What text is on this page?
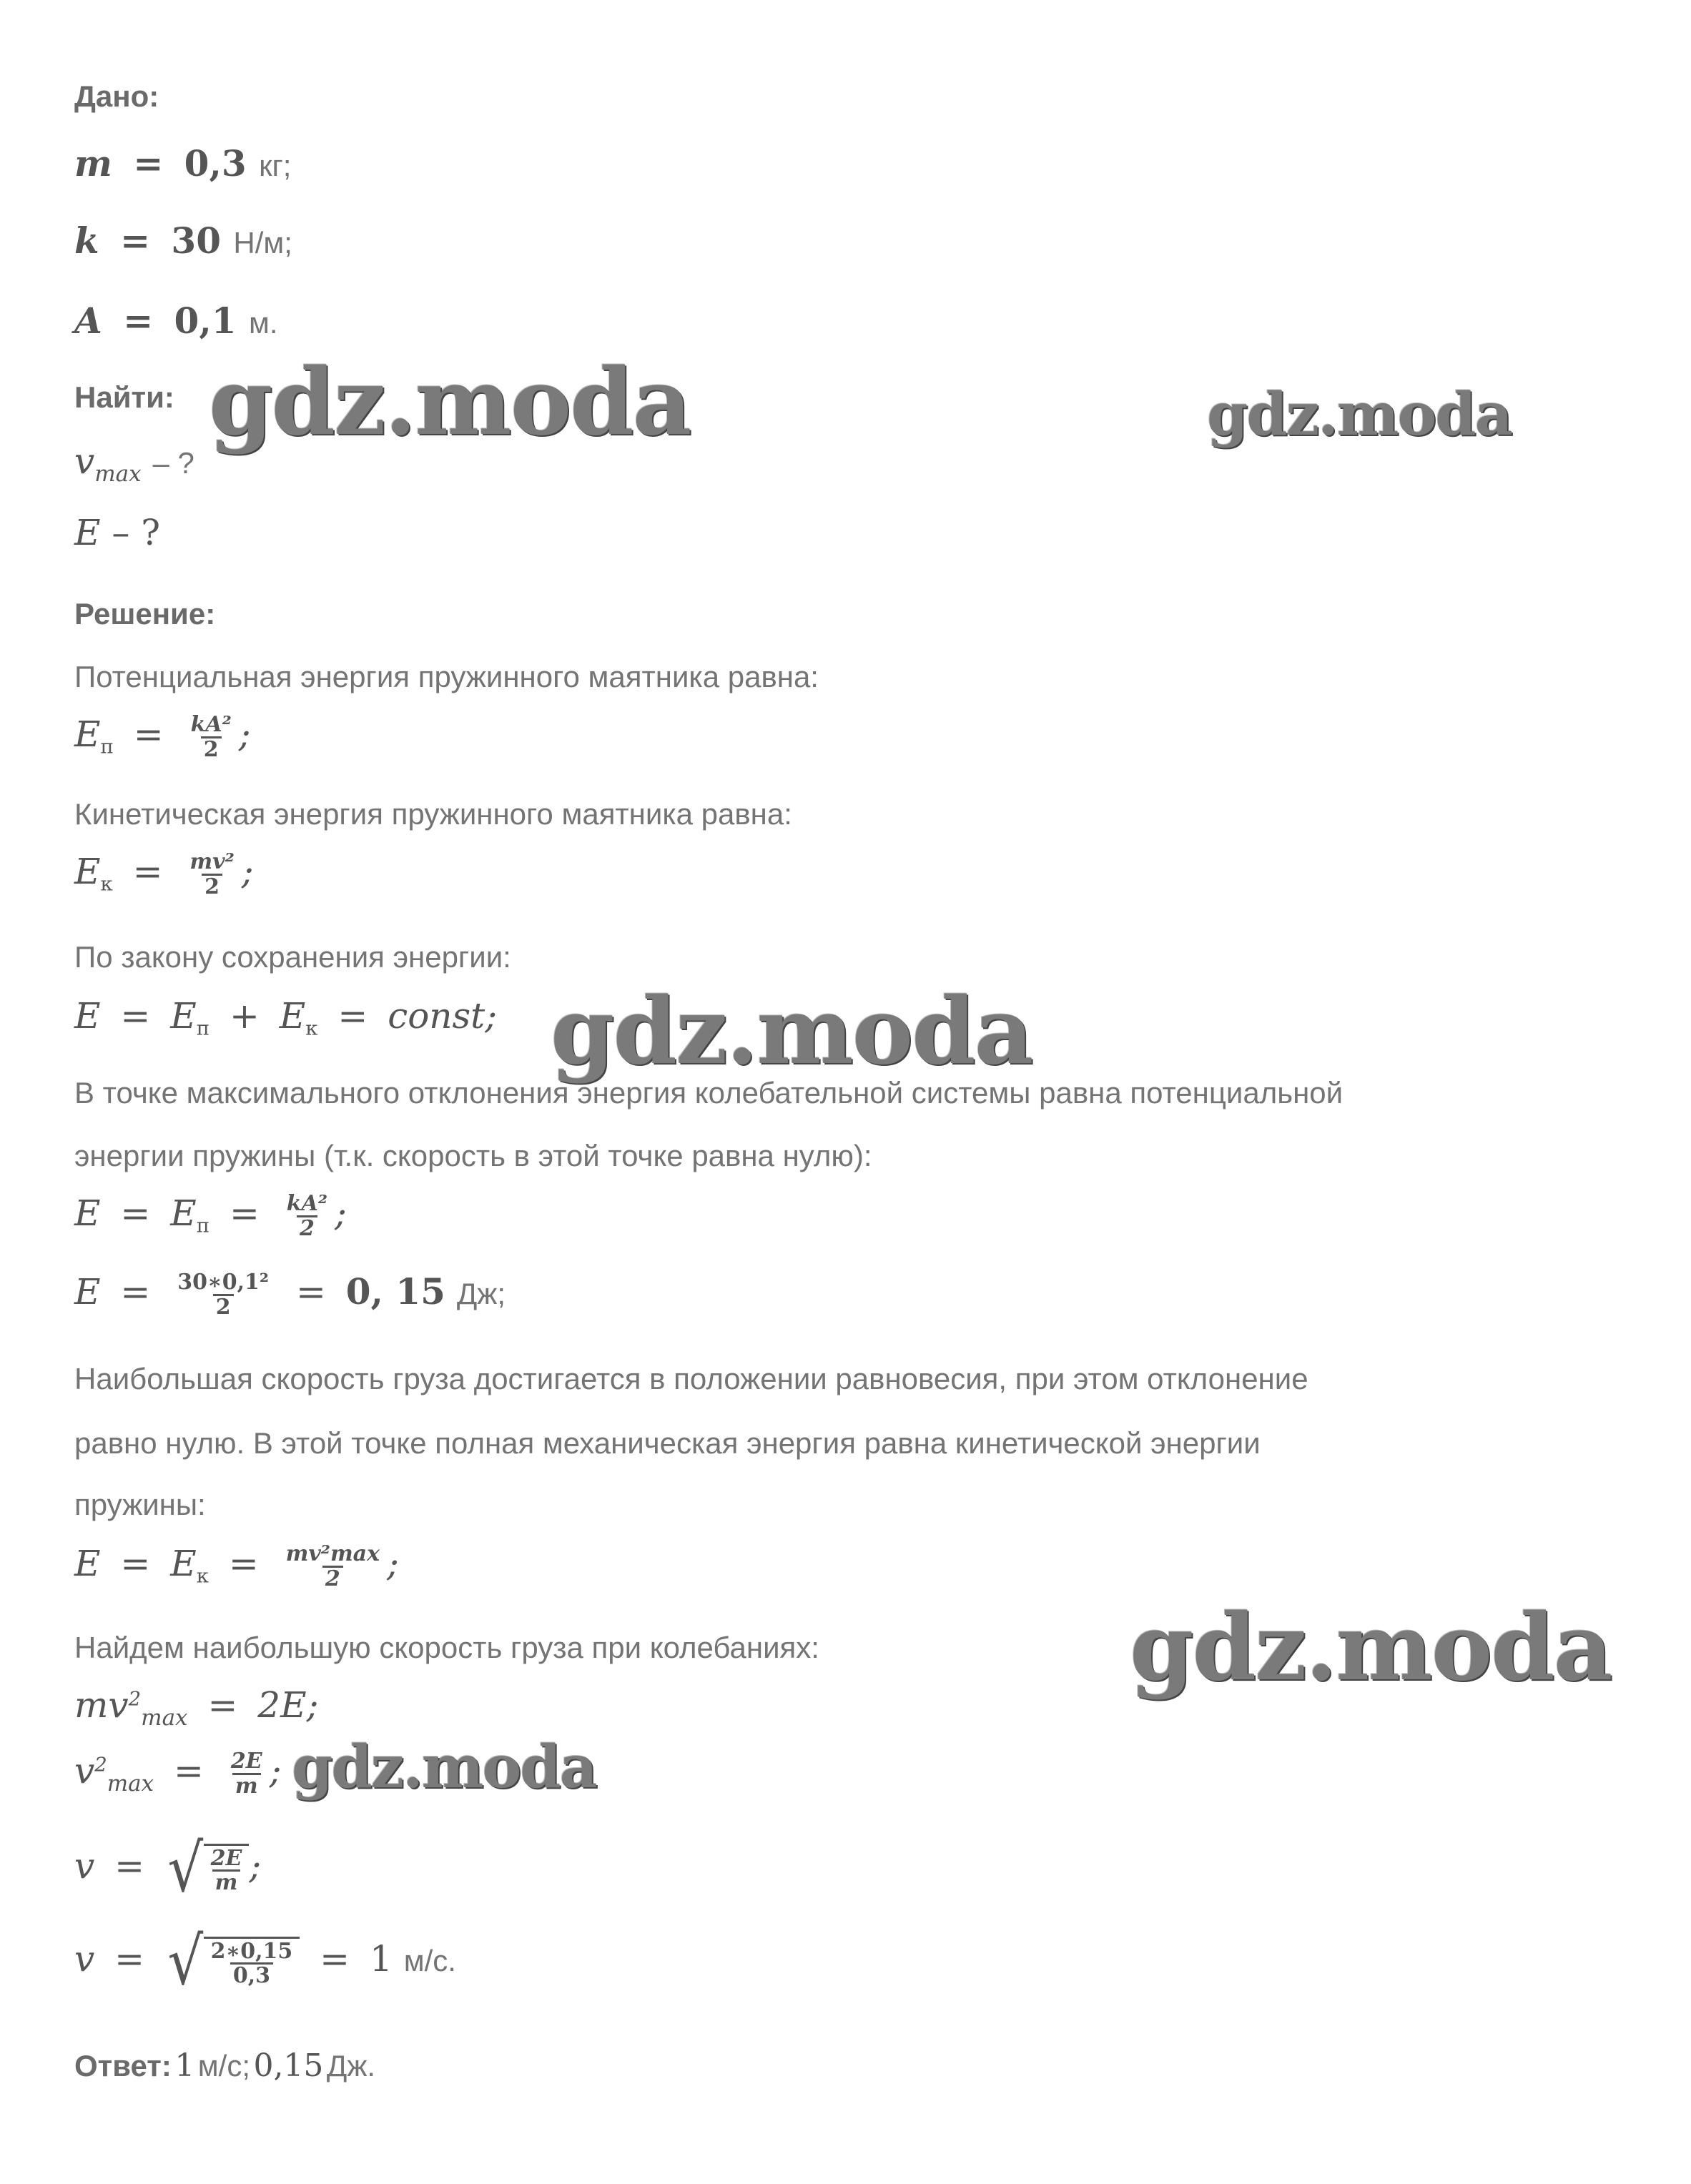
Дано:
m = 0,3 кг;
k = 30 Н/м;
A = 0,1 м.
Найти:
$v_{max}$ – ?
E – ?
Решение:
Потенциальная энергия пружинного маятника равна:
$E_п = \frac{\text{kA²}}{2}$ ;
Кинетическая энергия пружинного маятника равна:
$E_к = \frac{\text{mv²}}{2}$ ;
По закону сохранения энергии:
$E = E_п + E_к$ = const;
В точке максимального отклонения энергия колебательной системы равна потенциальной
энергии пружины (т.к. скорость в этой точке равна нулю):
$E = E_п = \frac{\text{kA²}}{2}$ ;
$E = \frac{\text{30∗0,1²}}{2} = 0$, 15 Дж;
Наибольшая скорость груза достигается в положении равновесия, при этом отклонение
равно нулю. В этой точке полная механическая энергия равна кинетической энергии
пружины:
$E = E_к = \frac{\text{mv²max}}{2}$ ;
Найдем наибольшую скорость груза при колебаниях:
$mv^2_{max} = 2E$;
$v^2_{max} = \frac{2E}{m}$ ;
v = √ $\frac{2E}{m}$ ;
v = √ $\frac{2∗0,15}{0,3} = 1$ м/с.
Ответ: 1 м/с; 0,15 Дж.
gdz.moda	gdz.moda
gdz.moda
gdz.moda
gdz.moda
